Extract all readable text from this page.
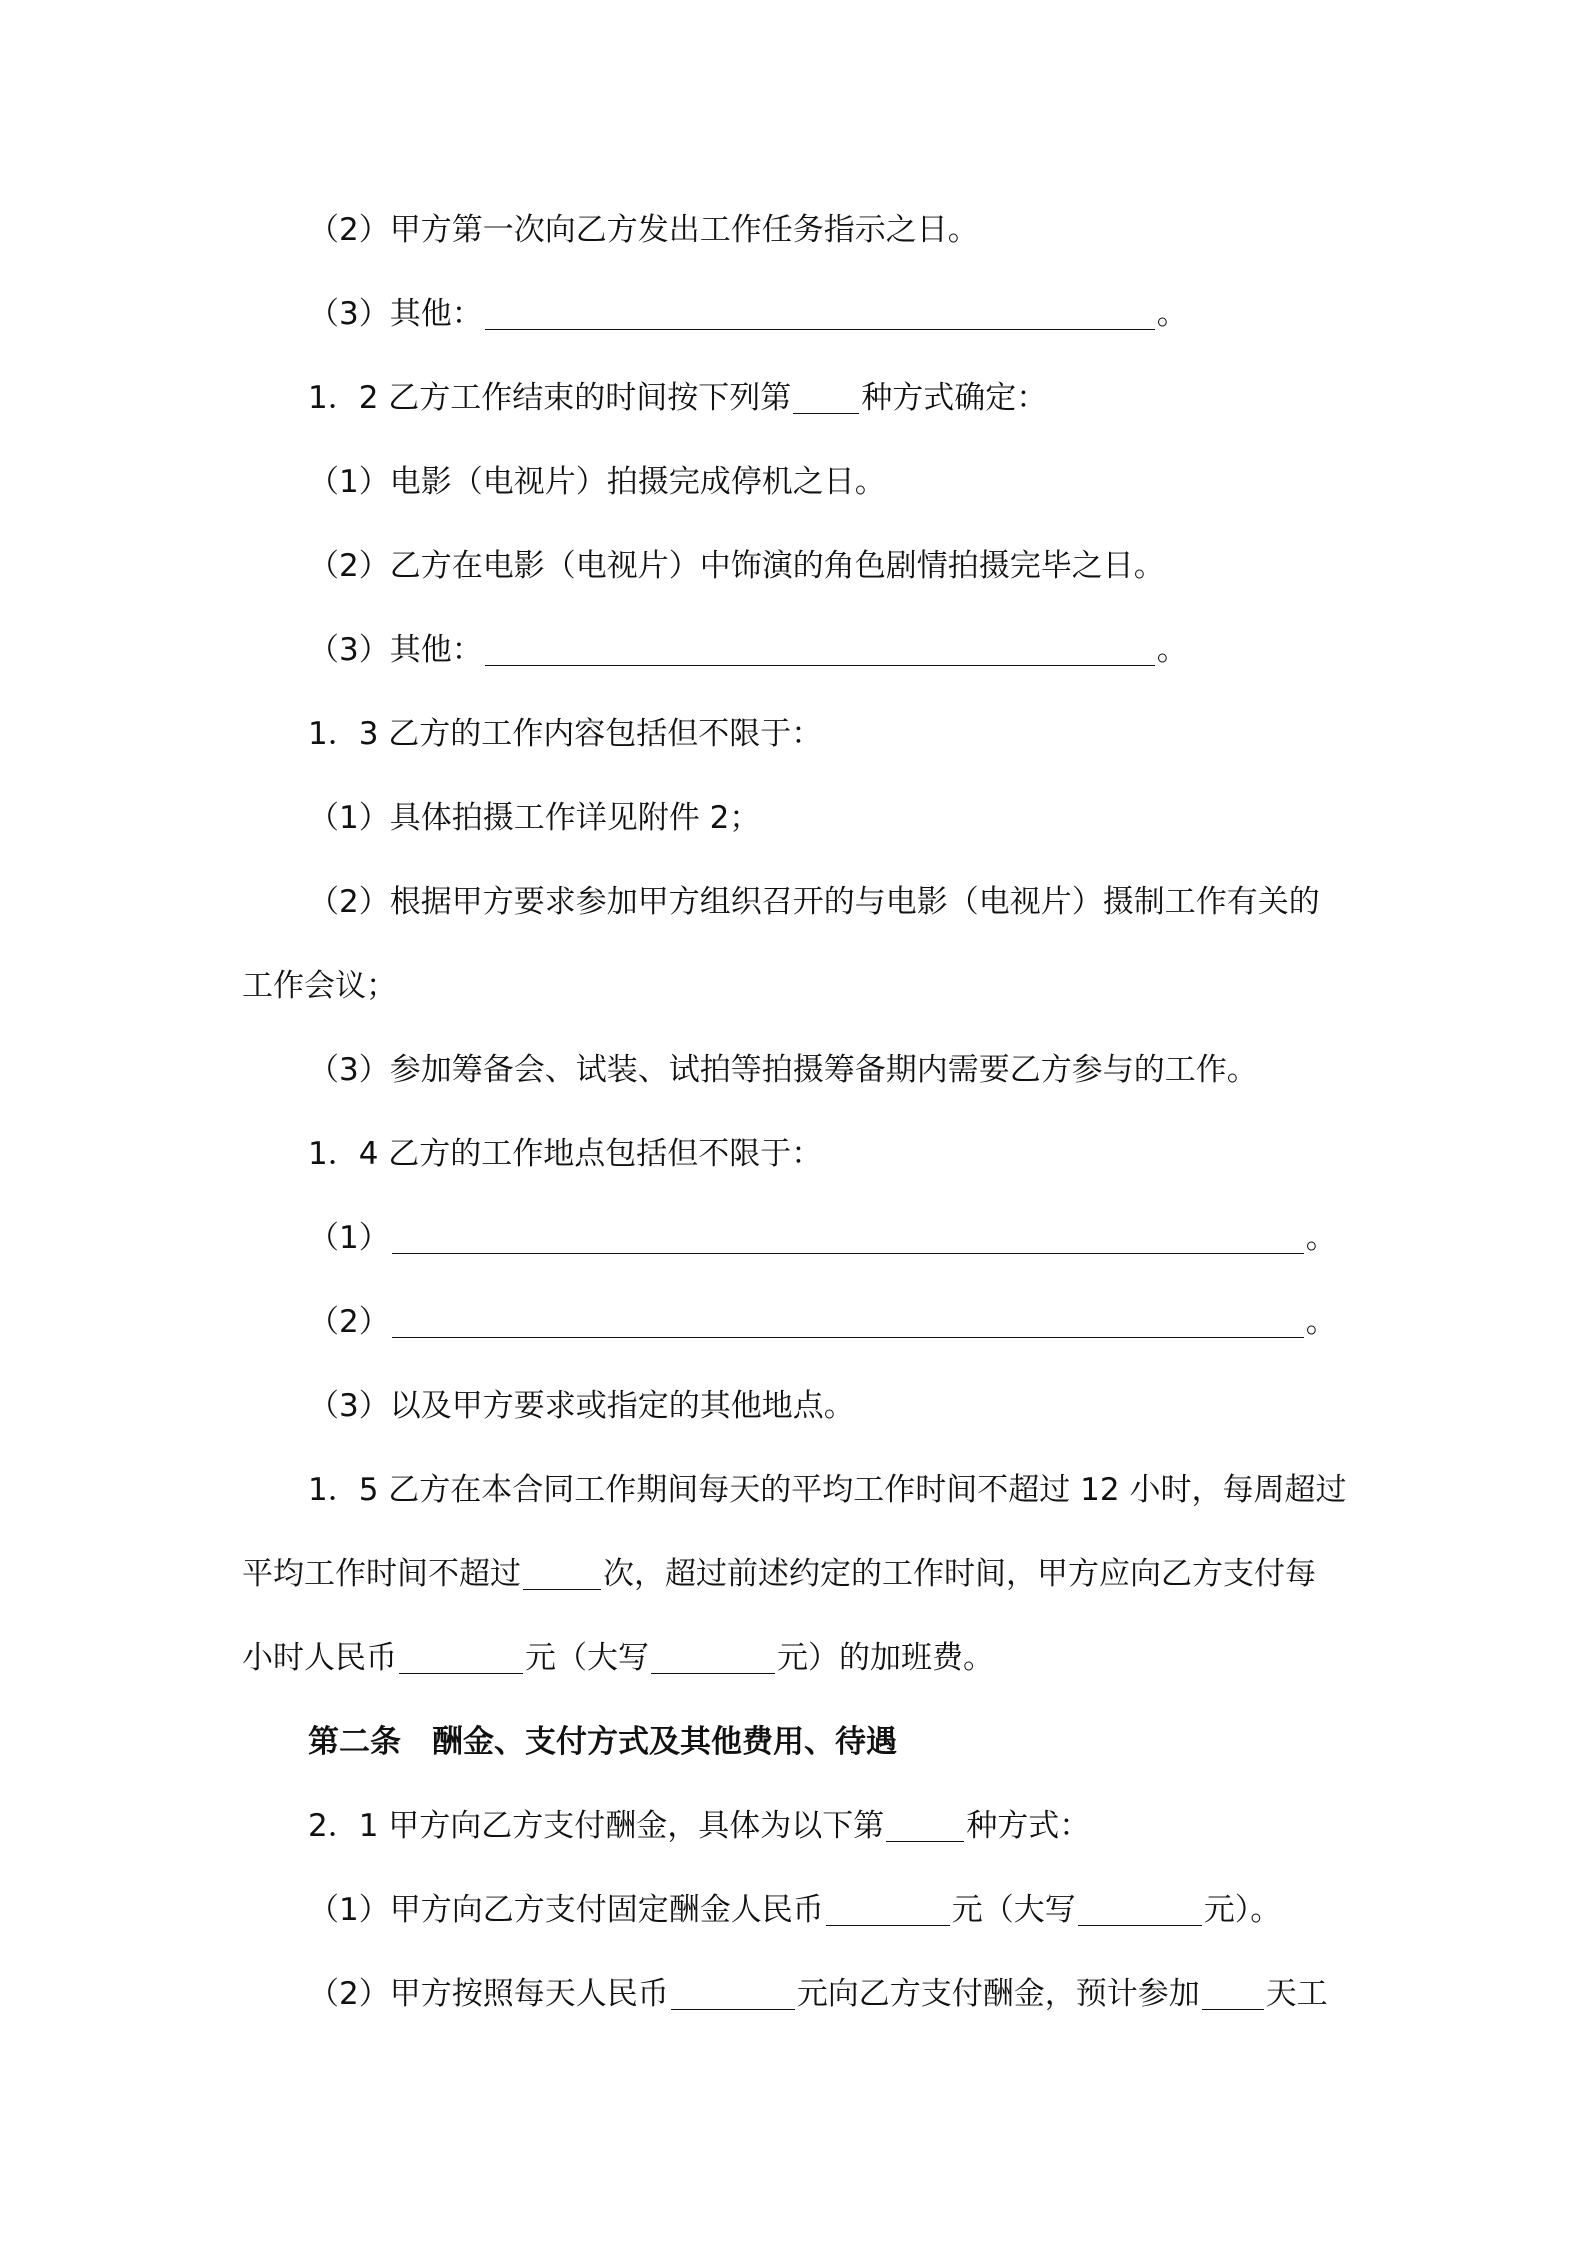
（2）甲方第一次向乙方发出工作任务指示之日。
（3）其他：	。
1．2 乙方工作结束的时间按下列第 种方式确定：
（1）电影（电视片）拍摄完成停机之日。
（2）乙方在电影（电视片）中饰演的角色剧情拍摄完毕之日。
（3）其他：	。
1．3 乙方的工作内容包括但不限于：
（1）具体拍摄工作详见附件 2；
（2）根据甲方要求参加甲方组织召开的与电影（电视片）摄制工作有关的
工作会议；
（3）参加筹备会、试装、试拍等拍摄筹备期内需要乙方参与的工作。
1．4 乙方的工作地点包括但不限于：
（1）	。
（2）	。
（3）以及甲方要求或指定的其他地点。
1．5 乙方在本合同工作期间每天的平均工作时间不超过 12 小时，每周超过
平均工作时间不超过	次，超过前述约定的工作时间，甲方应向乙方支付每
小时人民币	元（大写	元）的加班费。
第二条　酬金、支付方式及其他费用、待遇
2．1 甲方向乙方支付酬金，具体为以下第	种方式：
（1）甲方向乙方支付固定酬金人民币	元（大写	元）。
（2）甲方按照每天人民币	元向乙方支付酬金，预计参加 天工
